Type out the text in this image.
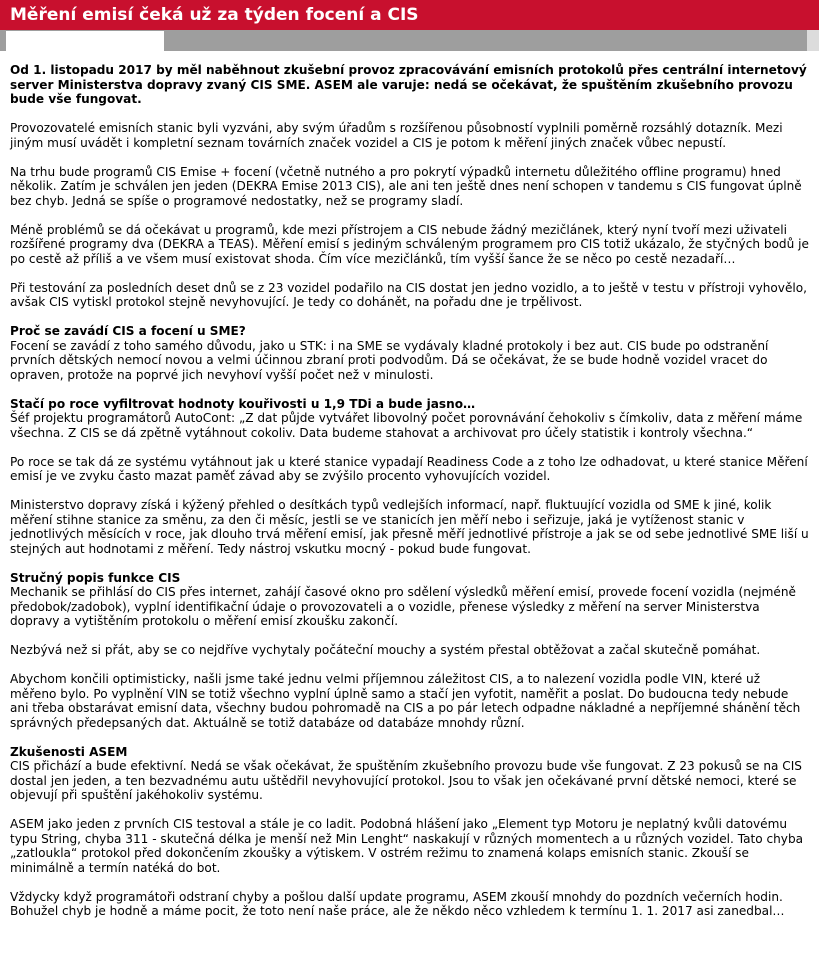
Měření emisí čeká už za týden focení a CIS

Od 1. listopadu 2017 by měl naběhnout zkušební provoz zpracovávání emisních protokolů přes centrální internetový server Ministerstva dopravy zvaný CIS SME. ASEM ale varuje: nedá se očekávat, že spuštěním zkušebního provozu bude vše fungovat.

Provozovatelé emisních stanic byli vyzváni, aby svým úřadům s rozšířenou působností vyplnili poměrně rozsáhlý dotazník. Mezi jiným musí uvádět i kompletní seznam továrních značek vozidel a CIS je potom k měření jiných značek vůbec nepustí.

Na trhu bude programů CIS Emise + focení (včetně nutného a pro pokrytí výpadků internetu důležitého offline programu) hned několik. Zatím je schválen jen jeden (DEKRA Emise 2013 CIS), ale ani ten ještě dnes není schopen v tandemu s CIS fungovat úplně bez chyb. Jedná se spíše o programové nedostatky, než se programy sladí.

Méně problémů se dá očekávat u programů, kde mezi přístrojem a CIS nebude žádný mezičlánek, který nyní tvoří mezi uživateli rozšířené programy dva (DEKRA a TEAS). Měření emisí s jediným schváleným programem pro CIS totiž ukázalo, že styčných bodů je po cestě až příliš a ve všem musí existovat shoda. Čím více mezičlánků, tím vyšší šance že se něco po cestě nezadaří…

Při testování za posledních deset dnů se z 23 vozidel podařilo na CIS dostat jen jedno vozidlo, a to ještě v testu v přístroji vyhovělo, avšak CIS vytiskl protokol stejně nevyhovující. Je tedy co dohánět, na pořadu dne je trpělivost.

Proč se zavádí CIS a focení u SME?

Focení se zavádí z toho samého důvodu, jako u STK: i na SME se vydávaly kladné protokoly i bez aut. CIS bude po odstranění prvních dětských nemocí novou a velmi účinnou zbraní proti podvodům. Dá se očekávat, že se bude hodně vozidel vracet do opraven, protože na poprvé jich nevyhoví vyšší počet než v minulosti.

Stačí po roce vyfiltrovat hodnoty kouřivosti u 1,9 TDi a bude jasno…

Šéf projektu programátorů AutoCont: „Z dat půjde vytvářet libovolný počet porovnávání čehokoliv s čímkoliv, data z měření máme všechna. Z CIS se dá zpětně vytáhnout cokoliv. Data budeme stahovat a archivovat pro účely statistik i kontroly všechna.“

Po roce se tak dá ze systému vytáhnout jak u které stanice vypadají Readiness Code a z toho lze odhadovat, u které stanice Měření emisí je ve zvyku často mazat paměť závad aby se zvýšilo procento vyhovujících vozidel.

Ministerstvo dopravy získá i kýžený přehled o desítkách typů vedlejších informací, např. fluktuující vozidla od SME k jiné, kolik měření stihne stanice za směnu, za den či měsíc, jestli se ve stanicích jen měří nebo i seřizuje, jaká je vytíženost stanic v jednotlivých měsících v roce, jak dlouho trvá měření emisí, jak přesně měří jednotlivé přístroje a jak se od sebe jednotlivé SME liší u stejných aut hodnotami z měření. Tedy nástroj vskutku mocný - pokud bude fungovat.

Stručný popis funkce CIS

Mechanik se přihlásí do CIS přes internet, zahájí časové okno pro sdělení výsledků měření emisí, provede focení vozidla (nejméně předobok/zadobok), vyplní identifikační údaje o provozovateli a o vozidle, přenese výsledky z měření na server Ministerstva dopravy a vytištěním protokolu o měření emisí zkoušku zakončí.

Nezbývá než si přát, aby se co nejdříve vychytaly počáteční mouchy a systém přestal obtěžovat a začal skutečně pomáhat.

Abychom končili optimisticky, našli jsme také jednu velmi příjemnou záležitost CIS, a to nalezení vozidla podle VIN, které už měřeno bylo. Po vyplnění VIN se totiž všechno vyplní úplně samo a stačí jen vyfotit, naměřit a poslat. Do budoucna tedy nebude ani třeba obstarávat emisní data, všechny budou pohromadě na CIS a po pár letech odpadne nákladné a nepříjemné shánění těch správných předepsaných dat. Aktuálně se totiž databáze od databáze mnohdy různí.

Zkušenosti ASEM

CIS přichází a bude efektivní. Nedá se však očekávat, že spuštěním zkušebního provozu bude vše fungovat. Z 23 pokusů se na CIS dostal jen jeden, a ten bezvadnému autu uštědřil nevyhovující protokol. Jsou to však jen očekávané první dětské nemoci, které se objevují při spuštění jakéhokoliv systému.

ASEM jako jeden z prvních CIS testoval a stále je co ladit. Podobná hlášení jako „Element typ Motoru je neplatný kvůli datovému typu String, chyba 311 - skutečná délka je menší než Min Lenght“ naskakují v různých momentech a u různých vozidel. Tato chyba „zatloukla“ protokol před dokončením zkoušky a výtiskem. V ostrém režimu to znamená kolaps emisních stanic. Zkouší se minimálně a termín natéká do bot.

Vždycky když programátoři odstraní chyby a pošlou další update programu, ASEM zkouší mnohdy do pozdních večerních hodin. Bohužel chyb je hodně a máme pocit, že toto není naše práce, ale že někdo něco vzhledem k termínu 1. 1. 2017 asi zanedbal…
